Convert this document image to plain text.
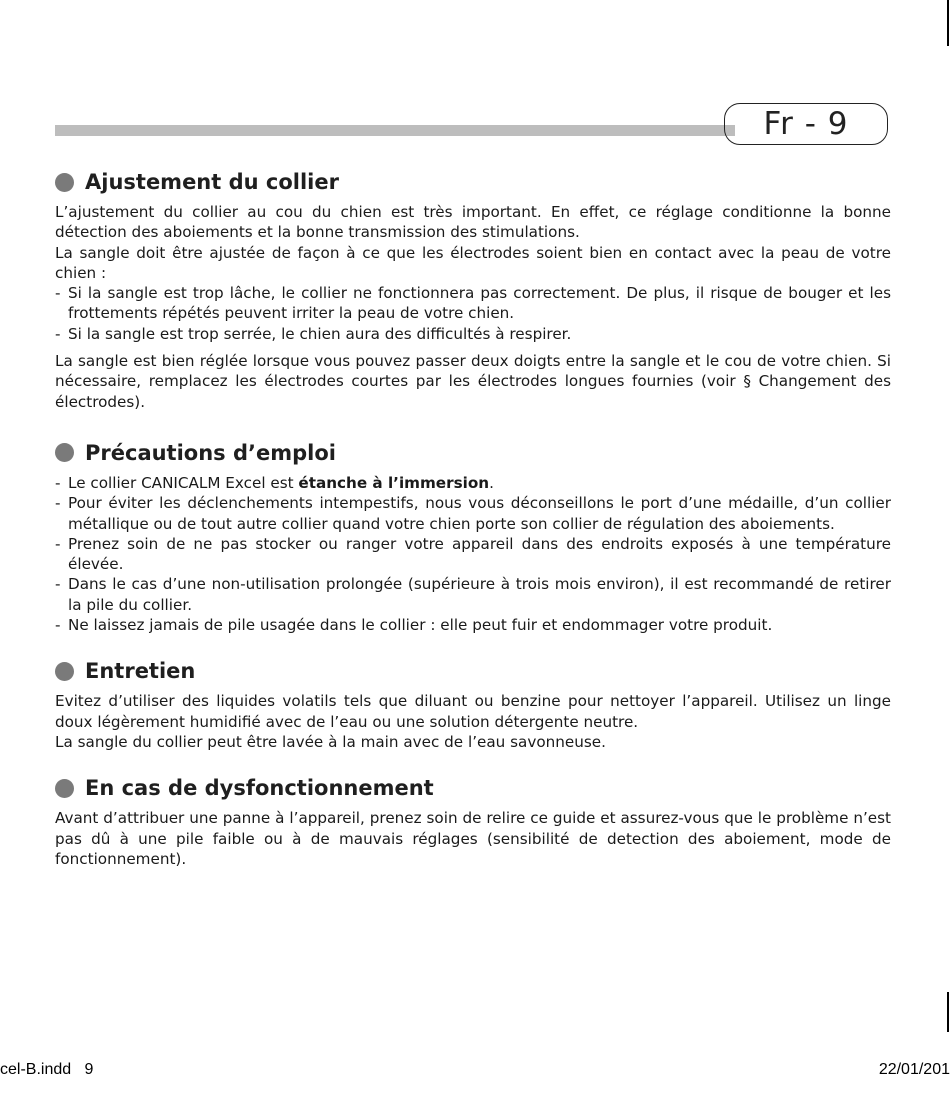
Fr - 9
Ajustement du collier

L’ajustement du collier au cou du chien est très important. En effet, ce réglage conditionne la bonne détection des aboiements et la bonne transmission des stimulations.

La sangle doit être ajustée de façon à ce que les électrodes soient bien en contact avec la peau de votre chien :

- Si la sangle est trop lâche, le collier ne fonctionnera pas correctement. De plus, il risque de bouger et les frottements répétés peuvent irriter la peau de votre chien.
- Si la sangle est trop serrée, le chien aura des difficultés à respirer.

La sangle est bien réglée lorsque vous pouvez passer deux doigts entre la sangle et le cou de votre chien. Si nécessaire, remplacez les électrodes courtes par les électrodes longues fournies (voir § Changement des électrodes).

Précautions d’emploi
- Le collier CANICALM Excel est étanche à l’immersion.
- Pour éviter les déclenchements intempestifs, nous vous déconseillons le port d’une médaille, d’un collier métallique ou de tout autre collier quand votre chien porte son collier de régulation des aboiements.
- Prenez soin de ne pas stocker ou ranger votre appareil dans des endroits exposés à une température élevée.
- Dans le cas d’une non-utilisation prolongée (supérieure à trois mois environ), il est recommandé de retirer la pile du collier.
- Ne laissez jamais de pile usagée dans le collier : elle peut fuir et endommager votre produit.
Entretien

Evitez d’utiliser des liquides volatils tels que diluant ou benzine pour nettoyer l’appareil. Utilisez un linge doux légèrement humidifié avec de l’eau ou une solution détergente neutre.

La sangle du collier peut être lavée à la main avec de l’eau savonneuse.

En cas de dysfonctionnement

Avant d’attribuer une panne à l’appareil, prenez soin de relire ce guide et assurez-vous que le problème n’est pas dû à une pile faible ou à de mauvais réglages (sensibilité de detection des aboiement, mode de fonctionnement).

cel-B.indd   9	22/01/201
